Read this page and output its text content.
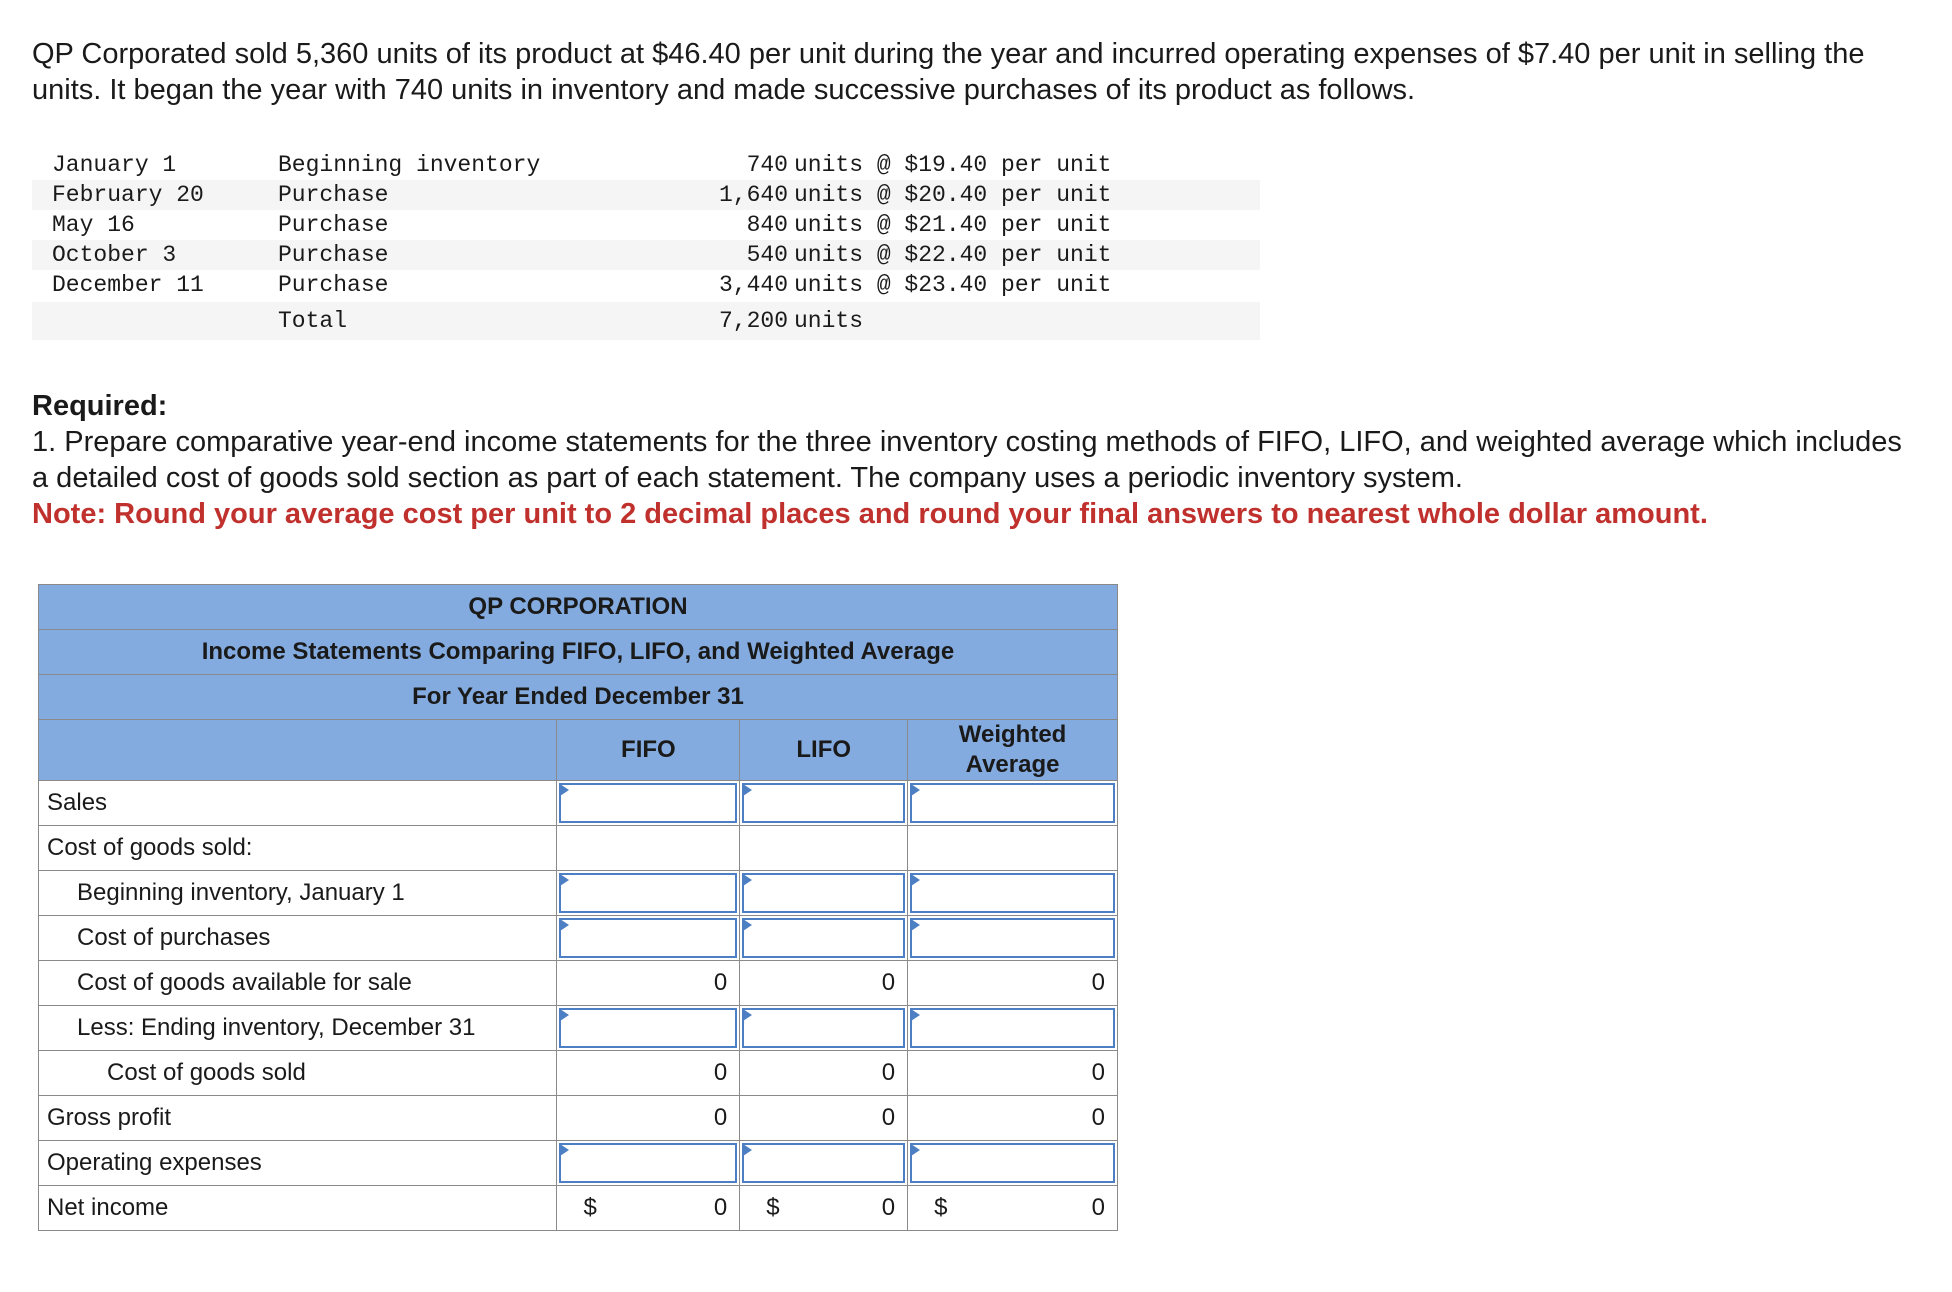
QP Corporated sold 5,360 units of its product at $46.40 per unit during the year and incurred operating expenses of $7.40 per unit in selling the units. It began the year with 740 units in inventory and made successive purchases of its product as follows.

January 1	Beginning inventory	740 units @ $19.40 per unit
February 20	Purchase	1,640 units @ $20.40 per unit
May 16	Purchase	840 units @ $21.40 per unit
October 3	Purchase	540 units @ $22.40 per unit
December 11	Purchase	3,440 units @ $23.40 per unit
Total	7,200 units
Required:
1. Prepare comparative year-end income statements for the three inventory costing methods of FIFO, LIFO, and weighted average which includes a detailed cost of goods sold section as part of each statement. The company uses a periodic inventory system.
Note: Round your average cost per unit to 2 decimal places and round your final answers to nearest whole dollar amount.
QP CORPORATION			
Income Statements Comparing FIFO, LIFO, and Weighted Average			
For Year Ended December 31			
	FIFO	LIFO	Weighted
Average
Sales	

Cost of goods sold:			
Beginning inventory, January 1	

Cost of purchases	

Cost of goods available for sale	0	0	0

Less: Ending inventory, December 31	

Cost of goods sold	0	0	0

Gross profit	0	0	0

Operating expenses	

Net income	$ 0	$ 0	$ 0
